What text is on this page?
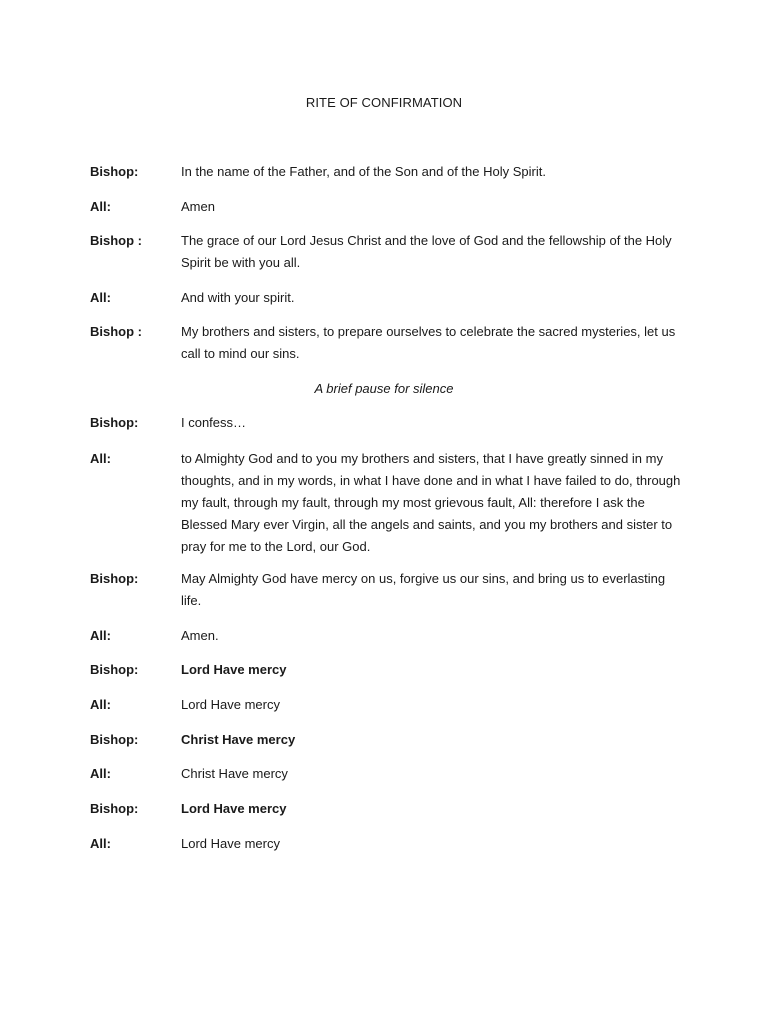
RITE OF CONFIRMATION
Bishop:	In the name of the Father, and of the Son and of the Holy Spirit.
All:	Amen
Bishop :	The grace of our Lord Jesus Christ and the love of God and the fellowship of the Holy Spirit be with you all.
All:	And with your spirit.
Bishop :	My brothers and sisters, to prepare ourselves to celebrate the sacred mysteries, let us call to mind our sins.
A brief pause for silence
Bishop:	I confess…
All:	to Almighty God and to you my brothers and sisters, that I have greatly sinned in my thoughts, and in my words, in what I have done and in what I have failed to do, through my fault, through my fault, through my most grievous fault, All: therefore I ask the Blessed Mary ever Virgin, all the angels and saints, and you my brothers and sister to pray for me to the Lord, our God.
Bishop:	May Almighty God have mercy on us, forgive us our sins, and bring us to everlasting life.
All:	Amen.
Bishop:	Lord Have mercy
All:	Lord Have mercy
Bishop:	Christ Have mercy
All:	Christ Have mercy
Bishop:	Lord Have mercy
All:	Lord Have mercy
